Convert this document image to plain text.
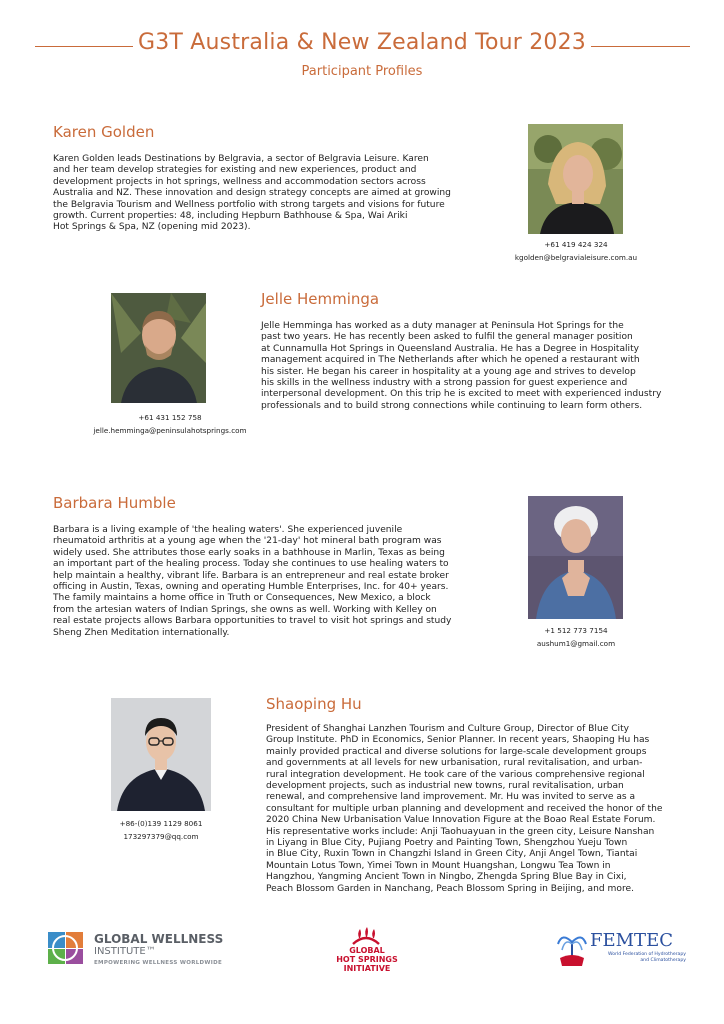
G3T Australia & New Zealand Tour 2023
Participant Profiles
Karen Golden
Karen Golden leads Destinations by Belgravia, a sector of Belgravia Leisure. Karen
and her team develop strategies for existing and new experiences, product and
development projects in hot springs, wellness and accommodation sectors across
Australia and NZ. These innovation and design strategy concepts are aimed at growing
the Belgravia Tourism and Wellness portfolio with strong targets and visions for future
growth. Current properties: 48, including Hepburn Bathhouse & Spa, Wai Ariki
Hot Springs & Spa, NZ (opening mid 2023).
+61 419 424 324
kgolden@belgravialeisure.com.au
+61 431 152 758
jelle.hemminga@peninsulahotsprings.com
Jelle Hemminga
Jelle Hemminga has worked as a duty manager at Peninsula Hot Springs for the
past two years. He has recently been asked to fulfil the general manager position
at Cunnamulla Hot Springs in Queensland Australia. He has a Degree in Hospitality
management acquired in The Netherlands after which he opened a restaurant with
his sister. He began his career in hospitality at a young age and strives to develop
his skills in the wellness industry with a strong passion for guest experience and
interpersonal development. On this trip he is excited to meet with experienced industry
professionals and to build strong connections while continuing to learn form others.
Barbara Humble
Barbara is a living example of 'the healing waters'. She experienced juvenile
rheumatoid arthritis at a young age when the '21-day' hot mineral bath program was
widely used. She attributes those early soaks in a bathhouse in Marlin, Texas as being
an important part of the healing process. Today she continues to use healing waters to
help maintain a healthy, vibrant life. Barbara is an entrepreneur and real estate broker
officing in Austin, Texas, owning and operating Humble Enterprises, Inc. for 40+ years.
The family maintains a home office in Truth or Consequences, New Mexico, a block
from the artesian waters of Indian Springs, she owns as well. Working with Kelley on
real estate projects allows Barbara opportunities to travel to visit hot springs and study
Sheng Zhen Meditation internationally.	+1 512 773 7154
aushum1@gmail.com
+86-(0)139 1129 8061
173297379@qq.com
Shaoping Hu
President of Shanghai Lanzhen Tourism and Culture Group, Director of Blue City
Group Institute. PhD in Economics, Senior Planner. In recent years, Shaoping Hu has
mainly provided practical and diverse solutions for large-scale development groups
and governments at all levels for new urbanisation, rural revitalisation, and urban-
rural integration development. He took care of the various comprehensive regional
development projects, such as industrial new towns, rural revitalisation, urban
renewal, and comprehensive land improvement. Mr. Hu was invited to serve as a
consultant for multiple urban planning and development and received the honor of the
2020 China New Urbanisation Value Innovation Figure at the Boao Real Estate Forum.
His representative works include: Anji Taohuayuan in the green city, Leisure Nanshan
in Liyang in Blue City, Pujiang Poetry and Painting Town, Shengzhou Yueju Town
in Blue City, Ruxin Town in Changzhi Island in Green City, Anji Angel Town, Tiantai
Mountain Lotus Town, Yimei Town in Mount Huangshan, Longwu Tea Town in
Hangzhou, Yangming Ancient Town in Ningbo, Zhengda Spring Blue Bay in Cixi,
Peach Blossom Garden in Nanchang, Peach Blossom Spring in Beijing, and more.
GLOBAL WELLNESS
INSTITUTE™
EMPOWERING WELLNESS WORLDWIDE
GLOBAL
HOT SPRINGS
INITIATIVE
FEMTEC
World Federation of Hydrotherapy
and Climatotherapy
